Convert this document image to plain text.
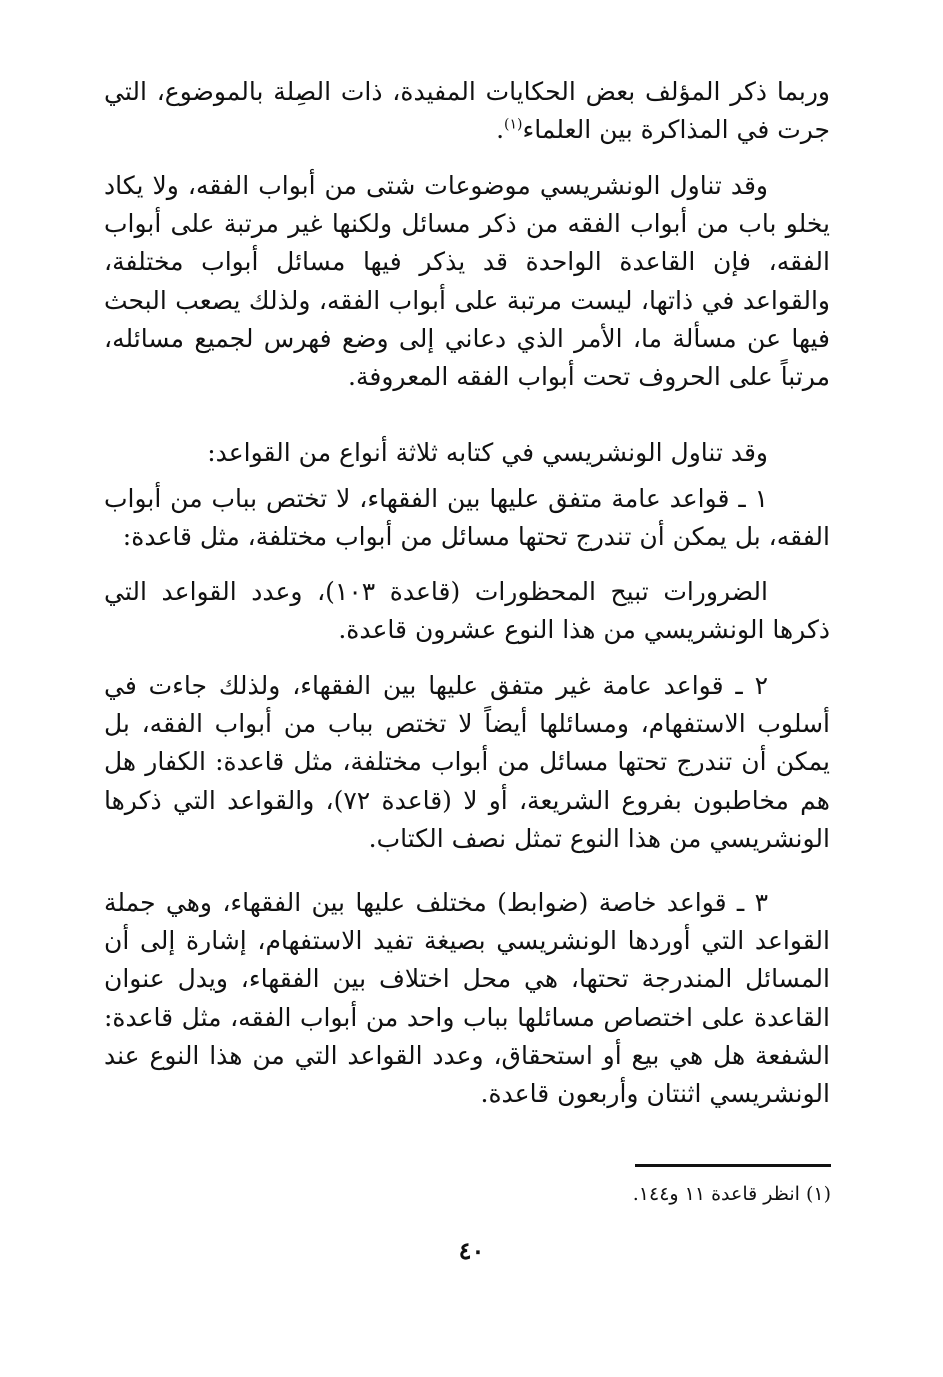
وربما ذكر المؤلف بعض الحكايات المفيدة، ذات الصِلة بالموضوع، التي جرت في المذاكرة بين العلماء$^{(١)}$.

وقد تناول الونشريسي موضوعات شتى من أبواب الفقه، ولا يكاد يخلو باب من أبواب الفقه من ذكر مسائل ولكنها غير مرتبة على أبواب الفقه، فإن القاعدة الواحدة قد يذكر فيها مسائل أبواب مختلفة، والقواعد في ذاتها، ليست مرتبة على أبواب الفقه، ولذلك يصعب البحث فيها عن مسألة ما، الأمر الذي دعاني إلى وضع فهرس لجميع مسائله، مرتباً على الحروف تحت أبواب الفقه المعروفة.

وقد تناول الونشريسي في كتابه ثلاثة أنواع من القواعد:

١ ـ قواعد عامة متفق عليها بين الفقهاء، لا تختص بباب من أبواب الفقه، بل يمكن أن تندرج تحتها مسائل من أبواب مختلفة، مثل قاعدة:

الضرورات تبيح المحظورات (قاعدة ١٠٣)، وعدد القواعد التي ذكرها الونشريسي من هذا النوع عشرون قاعدة.

٢ ـ قواعد عامة غير متفق عليها بين الفقهاء، ولذلك جاءت في أسلوب الاستفهام، ومسائلها أيضاً لا تختص بباب من أبواب الفقه، بل يمكن أن تندرج تحتها مسائل من أبواب مختلفة، مثل قاعدة: الكفار هل هم مخاطبون بفروع الشريعة، أو لا (قاعدة ٧٢)، والقواعد التي ذكرها الونشريسي من هذا النوع تمثل نصف الكتاب.

٣ ـ قواعد خاصة (ضوابط) مختلف عليها بين الفقهاء، وهي جملة القواعد التي أوردها الونشريسي بصيغة تفيد الاستفهام، إشارة إلى أن المسائل المندرجة تحتها، هي محل اختلاف بين الفقهاء، ويدل عنوان القاعدة على اختصاص مسائلها بباب واحد من أبواب الفقه، مثل قاعدة: الشفعة هل هي بيع أو استحقاق، وعدد القواعد التي من هذا النوع عند الونشريسي اثنتان وأربعون قاعدة.

(١) انظر قاعدة ١١ و١٤٤.
٤٠
